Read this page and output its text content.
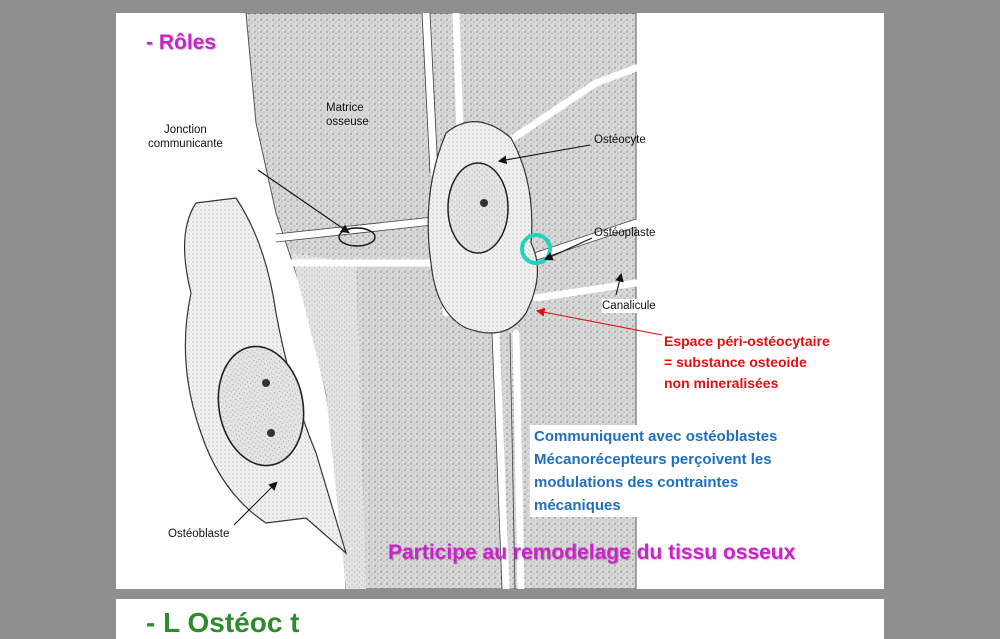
- Rôles
Matrice
osseuse
Jonction
communicante	Ostéocyte
Ostéoplaste
Canalicule
Ostéoblaste
Espace péri-ostéocytaire
= substance osteoide
non mineralisées
Communiquent avec ostéoblastes
Mécanorécepteurs perçoivent les
modulations des contraintes
mécaniques
Participe au remodelage du tissu osseux
- L Ostéoc t
